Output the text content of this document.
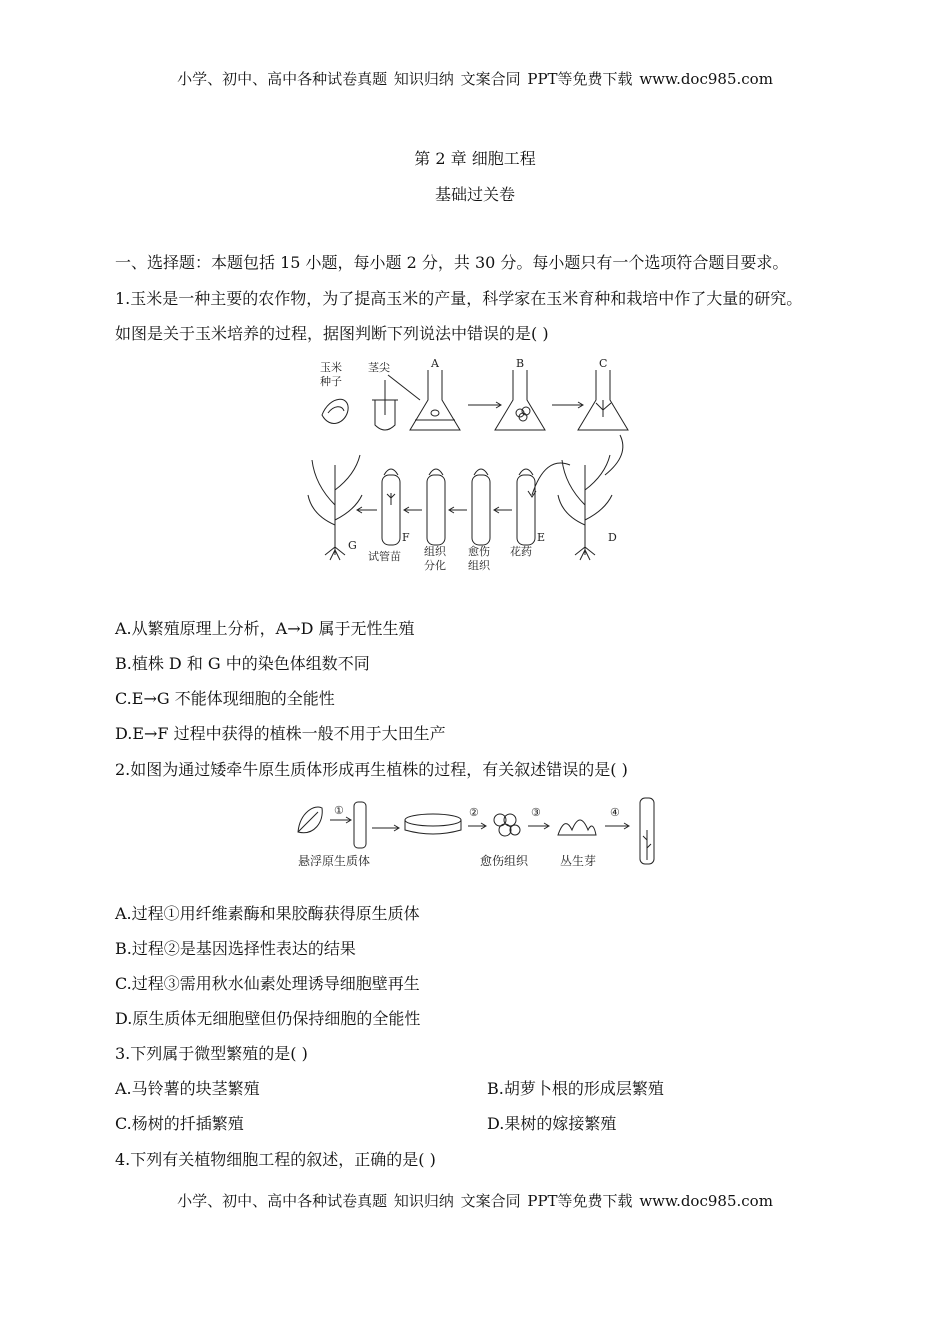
小学、初中、高中各种试卷真题 知识归纳 文案合同 PPT等免费下载 www.doc985.com
第 2 章 细胞工程
基础过关卷
一、选择题：本题包括 15 小题，每小题 2 分，共 30 分。每小题只有一个选项符合题目要求。
1.玉米是一种主要的农作物，为了提高玉米的产量，科学家在玉米育种和栽培中作了大量的研究。
如图是关于玉米培养的过程，据图判断下列说法中错误的是( )
玉米
种子
茎尖	A	B	C
D
E
F
G
试管苗 组织
分化
愈伤
组织
花药
A.从繁殖原理上分析，A→D 属于无性生殖
B.植株 D 和 G 中的染色体组数不同
C.E→G 不能体现细胞的全能性
D.E→F 过程中获得的植株一般不用于大田生产
2.如图为通过矮牵牛原生质体形成再生植株的过程，有关叙述错误的是( )
①	②	③	④
悬浮原生质体	愈伤组织	丛生芽
A.过程①用纤维素酶和果胶酶获得原生质体
B.过程②是基因选择性表达的结果
C.过程③需用秋水仙素处理诱导细胞壁再生
D.原生质体无细胞壁但仍保持细胞的全能性
3.下列属于微型繁殖的是( )
A.马铃薯的块茎繁殖	B.胡萝卜根的形成层繁殖
C.杨树的扦插繁殖	D.果树的嫁接繁殖
4.下列有关植物细胞工程的叙述，正确的是( )
小学、初中、高中各种试卷真题 知识归纳 文案合同 PPT等免费下载 www.doc985.com
